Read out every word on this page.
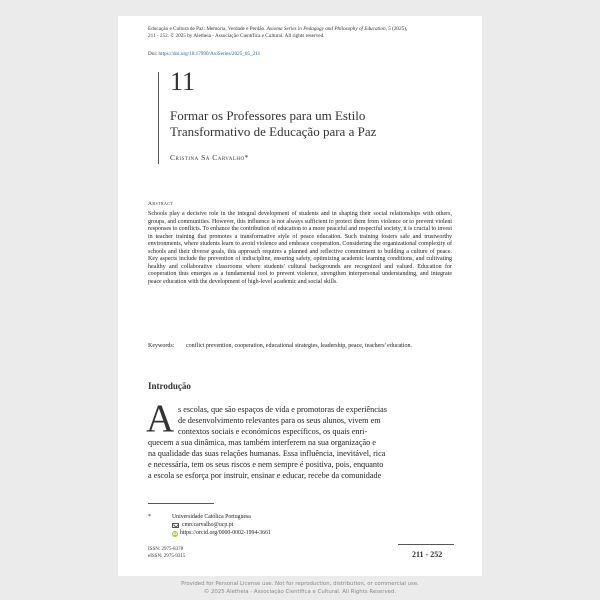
Educação e Cultura de Paz: Memória, Verdade e Perdão. Axioma Series in Pedagogy and Philosophy of Education, 5 (2025),
211 - 252. © 2025 by Aletheia - Associação Científica e Cultural. All rights reserved.
Doi: https://doi.org/10.17990/AxiSeries/2025_05_211
11
Formar os Professores para um Estilo
Transformativo de Educação para a Paz
Cristina Sá Carvalho*
Abstract
Schools play a decisive role in the integral development of students and in shaping their social relationships with others, groups, and communities. However, this influence is not always sufficient to protect them from violence or to prevent violent responses to conflicts. To enhance the contribution of education to a more peaceful and respectful society, it is crucial to invest in teacher training that promotes a transformative style of peace education. Such training fosters safe and trustworthy environments, where students learn to avoid violence and embrace cooperation. Considering the organizational complexity of schools and their diverse goals, this approach requires a planned and reflective commitment to building a culture of peace. Key aspects include the prevention of indiscipline, ensuring safety, optimizing academic learning conditions, and cultivating healthy and collaborative classrooms where students' cultural backgrounds are recognized and valued. Education for cooperation thus emerges as a fundamental tool to prevent violence, strengthen interpersonal understanding, and integrate peace education with the development of high-level academic and social skills.
Keywords:	conflict prevention, cooperation, educational strategies, leadership, peace, teachers' education.
Introdução
A s escolas, que são espaços de vida e promotoras de experiências
de desenvolvimento relevantes para os seus alunos, vivem em
contextos sociais e económicos específicos, os quais enri-
quecem a sua dinâmica, mas também interferem na sua organização e
na qualidade das suas relações humanas. Essa influência, inevitável, rica
e necessária, tem os seus riscos e nem sempre é positiva, pois, enquanto
a escola se esforça por instruir, ensinar e educar, recebe da comunidade
*	Universidade Católica Portuguesa
cmrccarvalho@ucp.pt
iD https://orcid.org/0000-0002-1994-3661
ISSN: 2975-8378
eISSN: 2975-9315	211 - 252
Provided for Personal License use. Not for reproduction, distribution, or commercial use.
© 2025 Aletheia - Associação Científica e Cultural. All Rights Reserved.
